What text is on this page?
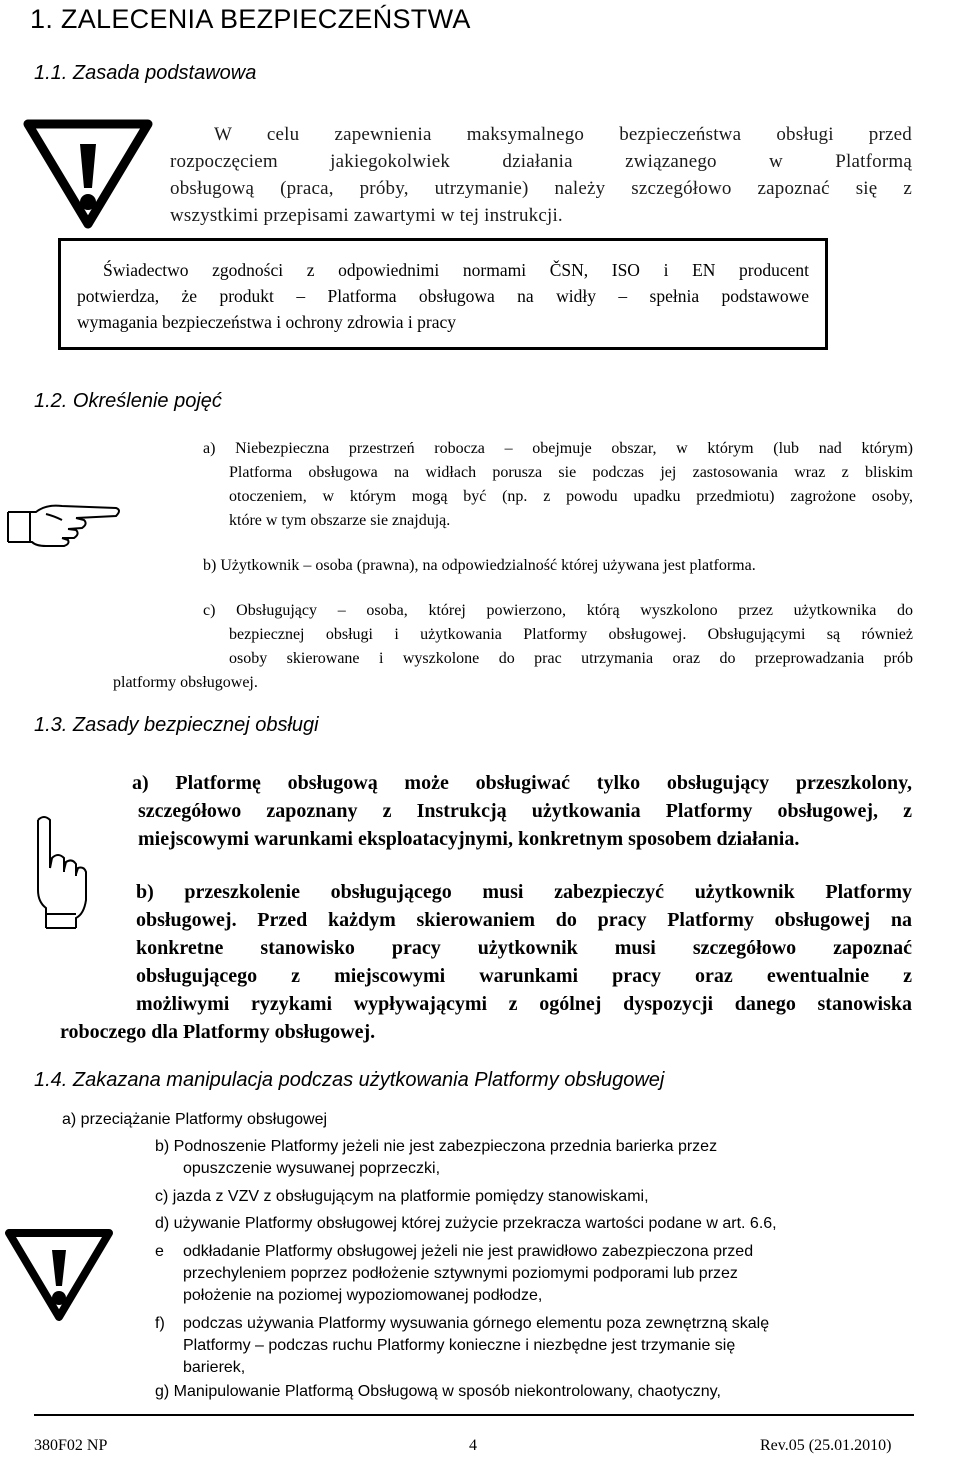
1. ZALECENIA BEZPIECZEŃSTWA
1.1. Zasada podstawowa
W celu zapewnienia maksymalnego bezpieczeństwa obsługi przed
rozpoczęciem jakiegokolwiek działania związanego w Platformą
obsługową (praca, próby, utrzymanie) należy szczegółowo zapoznać się z
wszystkimi przepisami zawartymi w tej instrukcji.
Świadectwo zgodności z odpowiednimi normami ČSN, ISO i EN producent
potwierdza, że produkt – Platforma obsługowa na widły – spełnia podstawowe
wymagania bezpieczeństwa i ochrony zdrowia i pracy
1.2. Określenie pojęć
a) Niebezpieczna przestrzeń robocza – obejmuje obszar, w którym (lub nad którym)
Platforma obsługowa na widłach porusza sie podczas jej zastosowania wraz z bliskim
otoczeniem, w którym mogą być (np. z powodu upadku przedmiotu) zagrożone osoby,
które w tym obszarze sie znajdują.
b) Użytkownik – osoba (prawna), na odpowiedzialność której używana jest platforma.
c) Obsługujący – osoba, której powierzono, którą wyszkolono przez użytkownika do
bezpiecznej obsługi i użytkowania Platformy obsługowej. Obsługującymi są również
osoby skierowane i wyszkolone do prac utrzymania oraz do przeprowadzania prób
platformy obsługowej.
1.3. Zasady bezpiecznej obsługi
a) Platformę obsługową może obsługiwać tylko obsługujący przeszkolony,
szczegółowo zapoznany z Instrukcją użytkowania Platformy obsługowej, z
miejscowymi warunkami eksploatacyjnymi, konkretnym sposobem działania.
b) przeszkolenie obsługującego musi zabezpieczyć użytkownik Platformy
obsługowej. Przed każdym skierowaniem do pracy Platformy obsługowej na
konkretne stanowisko pracy użytkownik musi szczegółowo zapoznać
obsługującego z miejscowymi warunkami pracy oraz ewentualnie z
możliwymi ryzykami wypływającymi z ogólnej dyspozycji danego stanowiska
roboczego dla Platformy obsługowej.
1.4. Zakazana manipulacja podczas użytkowania Platformy obsługowej
a) przeciążanie Platformy obsługowej
b) Podnoszenie Platformy jeżeli nie jest zabezpieczona przednia barierka przez
opuszczenie wysuwanej poprzeczki,
c) jazda z VZV z obsługującym na platformie pomiędzy stanowiskami,
d) używanie Platformy obsługowej której zużycie przekracza wartości podane w art. 6.6,
e odkładanie Platformy obsługowej jeżeli nie jest prawidłowo zabezpieczona przed
przechyleniem poprzez podłożenie sztywnymi poziomymi podporami lub przez
położenie na poziomej wypoziomowanej podłodze,
f) podczas używania Platformy wysuwania górnego elementu poza zewnętrzną skalę
Platformy – podczas ruchu Platformy konieczne i niezbędne jest trzymanie się
barierek,
g) Manipulowanie Platformą Obsługową w sposób niekontrolowany, chaotyczny,
380F02 NP	4	Rev.05 (25.01.2010)
